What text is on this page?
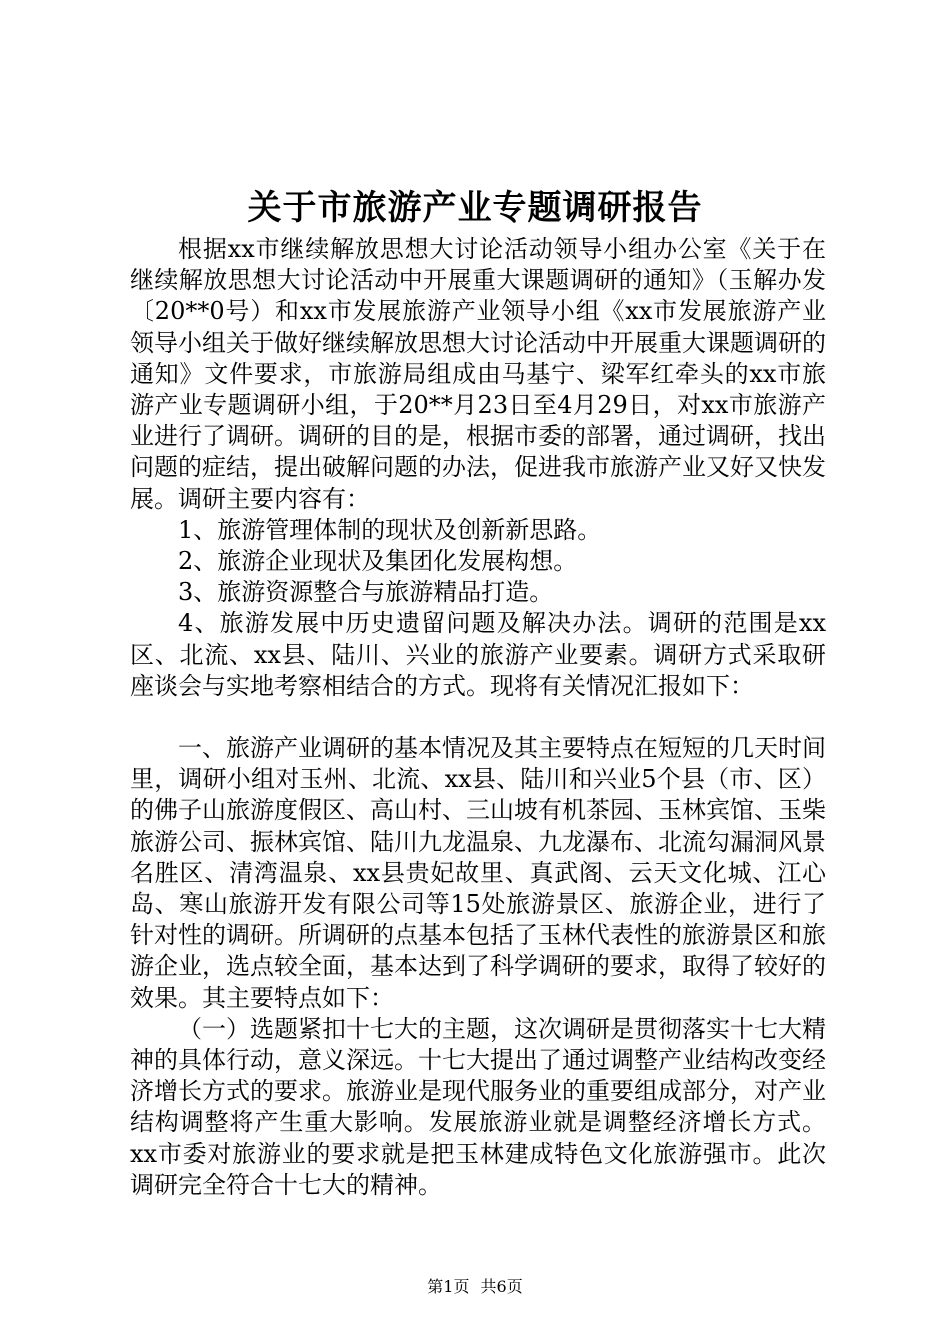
关于市旅游产业专题调研报告

根据xx市继续解放思想大讨论活动领导小组办公室《关于在继续解放思想大讨论活动中开展重大课题调研的通知》（玉解办发〔20**0号）和xx市发展旅游产业领导小组《xx市发展旅游产业领导小组关于做好继续解放思想大讨论活动中开展重大课题调研的通知》文件要求，市旅游局组成由马基宁、梁军红牵头的xx市旅游产业专题调研小组，于20**月23日至4月29日，对xx市旅游产业进行了调研。调研的目的是，根据市委的部署，通过调研，找出问题的症结，提出破解问题的办法，促进我市旅游产业又好又快发展。调研主要内容有：

1、旅游管理体制的现状及创新新思路。

2、旅游企业现状及集团化发展构想。

3、旅游资源整合与旅游精品打造。

4、旅游发展中历史遗留问题及解决办法。调研的范围是xx区、北流、xx县、陆川、兴业的旅游产业要素。调研方式采取研座谈会与实地考察相结合的方式。现将有关情况汇报如下：

一、旅游产业调研的基本情况及其主要特点在短短的几天时间里，调研小组对玉州、北流、xx县、陆川和兴业5个县（市、区）的佛子山旅游度假区、高山村、三山坡有机茶园、玉林宾馆、玉柴旅游公司、振林宾馆、陆川九龙温泉、九龙瀑布、北流勾漏洞风景名胜区、清湾温泉、xx县贵妃故里、真武阁、云天文化城、江心岛、寒山旅游开发有限公司等15处旅游景区、旅游企业，进行了针对性的调研。所调研的点基本包括了玉林代表性的旅游景区和旅游企业，选点较全面，基本达到了科学调研的要求，取得了较好的效果。其主要特点如下：

（一）选题紧扣十七大的主题，这次调研是贯彻落实十七大精神的具体行动，意义深远。十七大提出了通过调整产业结构改变经济增长方式的要求。旅游业是现代服务业的重要组成部分，对产业结构调整将产生重大影响。发展旅游业就是调整经济增长方式。xx市委对旅游业的要求就是把玉林建成特色文化旅游强市。此次调研完全符合十七大的精神。

第1页 共6页
